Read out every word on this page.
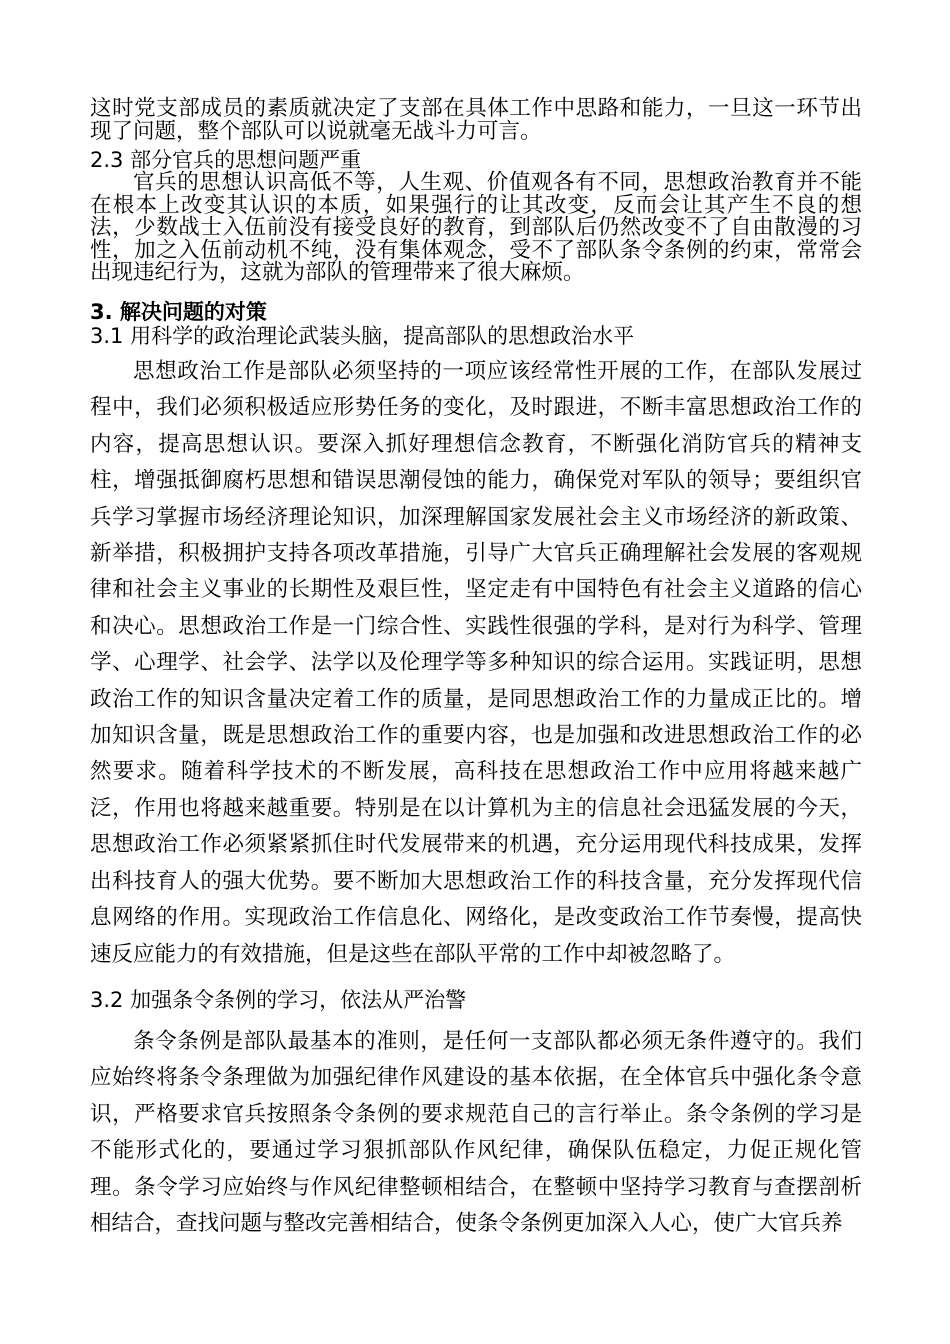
这时党支部成员的素质就决定了支部在具体工作中思路和能力，一旦这一环节出现了问题，整个部队可以说就毫无战斗力可言。

2.3 部分官兵的思想问题严重

官兵的思想认识高低不等，人生观、价值观各有不同，思想政治教育并不能在根本上改变其认识的本质，如果强行的让其改变，反而会让其产生不良的想法，少数战士入伍前没有接受良好的教育，到部队后仍然改变不了自由散漫的习性，加之入伍前动机不纯，没有集体观念，受不了部队条令条例的约束，常常会出现违纪行为，这就为部队的管理带来了很大麻烦。

3. 解决问题的对策
3.1 用科学的政治理论武装头脑，提高部队的思想政治水平

思想政治工作是部队必须坚持的一项应该经常性开展的工作，在部队发展过程中，我们必须积极适应形势任务的变化，及时跟进，不断丰富思想政治工作的内容，提高思想认识。要深入抓好理想信念教育，不断强化消防官兵的精神支柱，增强抵御腐朽思想和错误思潮侵蚀的能力，确保党对军队的领导；要组织官兵学习掌握市场经济理论知识，加深理解国家发展社会主义市场经济的新政策、新举措，积极拥护支持各项改革措施，引导广大官兵正确理解社会发展的客观规律和社会主义事业的长期性及艰巨性，坚定走有中国特色有社会主义道路的信心和决心。思想政治工作是一门综合性、实践性很强的学科，是对行为科学、管理学、心理学、社会学、法学以及伦理学等多种知识的综合运用。实践证明，思想政治工作的知识含量决定着工作的质量，是同思想政治工作的力量成正比的。增加知识含量，既是思想政治工作的重要内容，也是加强和改进思想政治工作的必然要求。随着科学技术的不断发展，高科技在思想政治工作中应用将越来越广泛，作用也将越来越重要。特别是在以计算机为主的信息社会迅猛发展的今天，思想政治工作必须紧紧抓住时代发展带来的机遇，充分运用现代科技成果，发挥出科技育人的强大优势。要不断加大思想政治工作的科技含量，充分发挥现代信息网络的作用。实现政治工作信息化、网络化，是改变政治工作节奏慢，提高快速反应能力的有效措施，但是这些在部队平常的工作中却被忽略了。

3.2 加强条令条例的学习，依法从严治警

条令条例是部队最基本的准则，是任何一支部队都必须无条件遵守的。我们应始终将条令条理做为加强纪律作风建设的基本依据，在全体官兵中强化条令意识，严格要求官兵按照条令条例的要求规范自己的言行举止。条令条例的学习是不能形式化的，要通过学习狠抓部队作风纪律，确保队伍稳定，力促正规化管理。条令学习应始终与作风纪律整顿相结合，在整顿中坚持学习教育与查摆剖析相结合，查找问题与整改完善相结合，使条令条例更加深入人心，使广大官兵养
